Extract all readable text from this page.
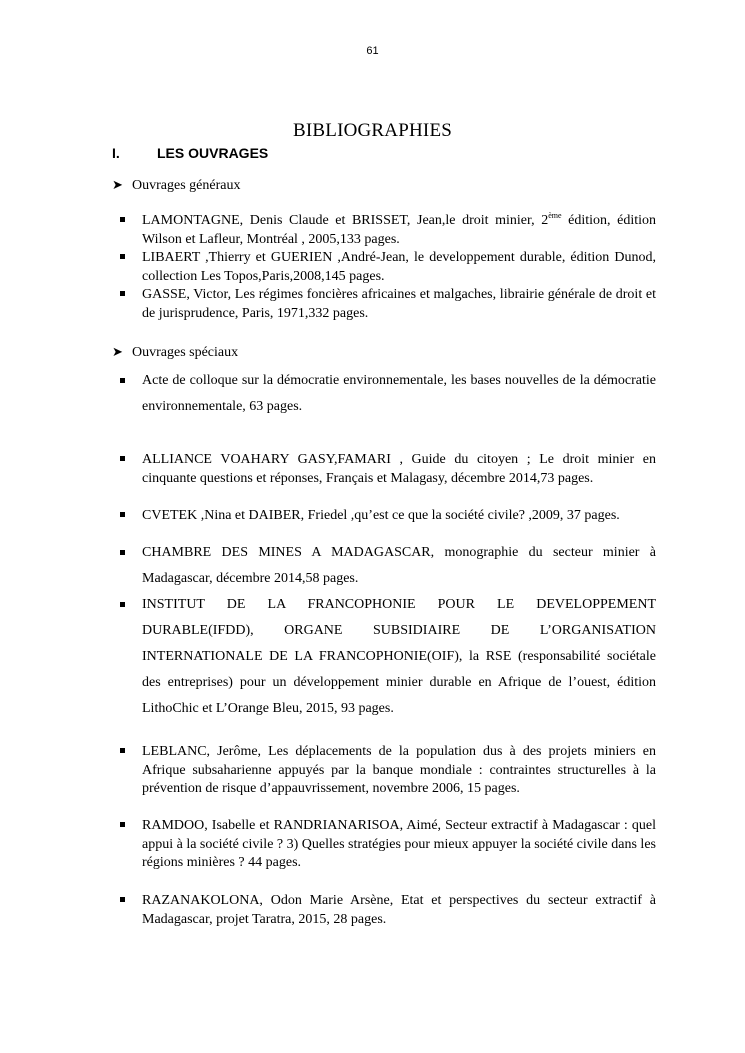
61
BIBLIOGRAPHIES
I.	LES OUVRAGES
➤ Ouvrages généraux
LAMONTAGNE, Denis Claude et BRISSET, Jean,le droit minier, 2ème édition, édition Wilson et Lafleur, Montréal , 2005,133 pages.
LIBAERT ,Thierry et GUERIEN ,André-Jean, le developpement durable, édition Dunod, collection Les Topos,Paris,2008,145 pages.
GASSE, Victor, Les régimes foncières africaines et malgaches, librairie générale de droit et de jurisprudence, Paris, 1971,332 pages.
➤ Ouvrages spéciaux
Acte de colloque sur la démocratie environnementale, les bases nouvelles de la démocratie environnementale, 63 pages.
ALLIANCE VOAHARY GASY,FAMARI , Guide du citoyen ; Le droit minier en cinquante questions et réponses, Français et Malagasy, décembre 2014,73 pages.
CVETEK ,Nina et DAIBER, Friedel ,qu’est ce que la société civile? ,2009, 37 pages.
CHAMBRE DES MINES A MADAGASCAR, monographie du secteur minier à Madagascar, décembre 2014,58 pages.
INSTITUT DE LA FRANCOPHONIE POUR LE DEVELOPPEMENT DURABLE(IFDD), ORGANE SUBSIDIAIRE DE L’ORGANISATION INTERNATIONALE DE LA FRANCOPHONIE(OIF), la RSE (responsabilité sociétale des entreprises) pour un développement minier durable en Afrique de l’ouest, édition LithoChic et L’Orange Bleu, 2015, 93 pages.
LEBLANC, Jerôme, Les déplacements de la population dus à des projets miniers en Afrique subsaharienne appuyés par la banque mondiale : contraintes structurelles à la prévention de risque d’appauvrissement, novembre 2006, 15 pages.
RAMDOO, Isabelle et RANDRIANARISOA, Aimé, Secteur extractif à Madagascar : quel appui à la société civile ? 3) Quelles stratégies pour mieux appuyer la société civile dans les régions minières ? 44 pages.
RAZANAKOLONA, Odon Marie Arsène, Etat et perspectives du secteur extractif à Madagascar, projet Taratra, 2015, 28 pages.
